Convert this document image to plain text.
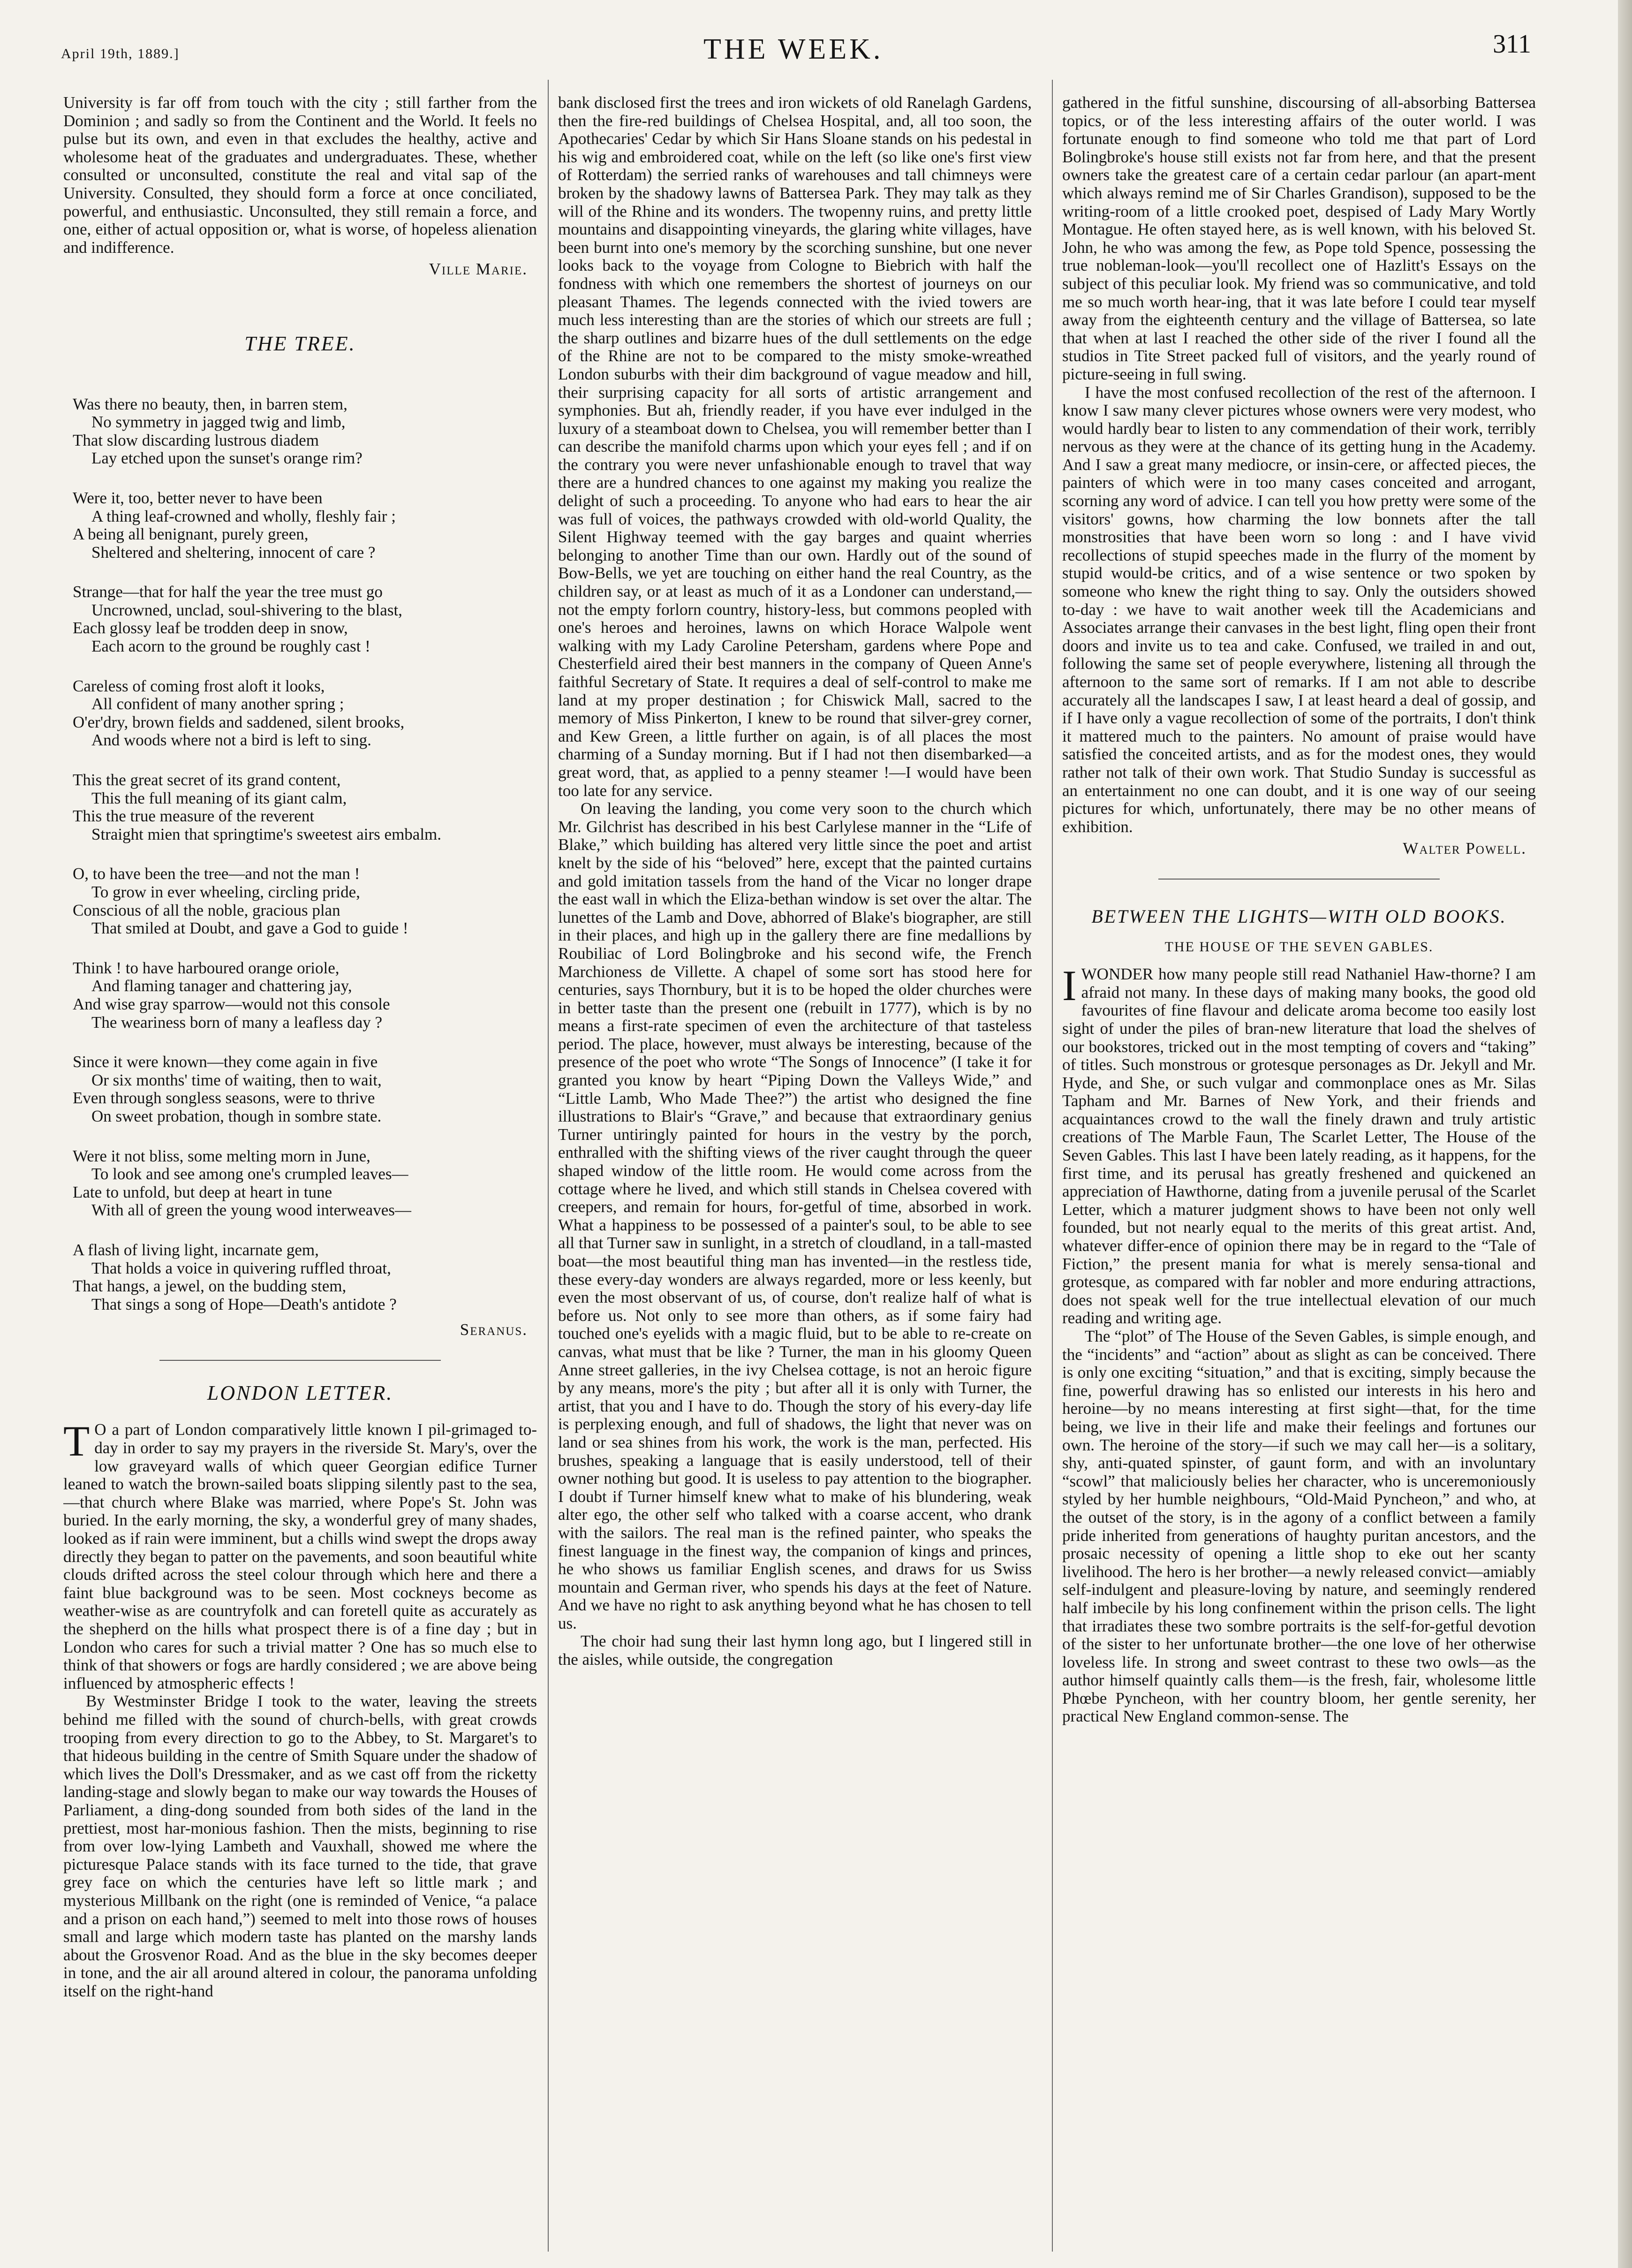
April 19th, 1889.]	THE WEEK.	311

University is far off from touch with the city ; still farther from the Dominion ; and sadly so from the Continent and the World. It feels no pulse but its own, and even in that excludes the healthy, active and wholesome heat of the graduates and undergraduates. These, whether consulted or unconsulted, constitute the real and vital sap of the University. Consulted, they should form a force at once conciliated, powerful, and enthusiastic. Unconsulted, they still remain a force, and one, either of actual opposition or, what is worse, of hopeless alienation and indifference.

Ville Marie.
THE TREE.
Was there no beauty, then, in barren stem,
No symmetry in jagged twig and limb,
That slow discarding lustrous diadem
Lay etched upon the sunset's orange rim?
Were it, too, better never to have been
A thing leaf-crowned and wholly, fleshly fair ;
A being all benignant, purely green,
Sheltered and sheltering, innocent of care ?
Strange—that for half the year the tree must go
Uncrowned, unclad, soul-shivering to the blast,
Each glossy leaf be trodden deep in snow,
Each acorn to the ground be roughly cast !
Careless of coming frost aloft it looks,
All confident of many another spring ;
O'er'dry, brown fields and saddened, silent brooks,
And woods where not a bird is left to sing.
This the great secret of its grand content,
This the full meaning of its giant calm,
This the true measure of the reverent
Straight mien that springtime's sweetest airs embalm.
O, to have been the tree—and not the man !
To grow in ever wheeling, circling pride,
Conscious of all the noble, gracious plan
That smiled at Doubt, and gave a God to guide !
Think ! to have harboured orange oriole,
And flaming tanager and chattering jay,
And wise gray sparrow—would not this console
The weariness born of many a leafless day ?
Since it were known—they come again in five
Or six months' time of waiting, then to wait,
Even through songless seasons, were to thrive
On sweet probation, though in sombre state.
Were it not bliss, some melting morn in June,
To look and see among one's crumpled leaves—
Late to unfold, but deep at heart in tune
With all of green the young wood interweaves—
A flash of living light, incarnate gem,
That holds a voice in quivering ruffled throat,
That hangs, a jewel, on the budding stem,
That sings a song of Hope—Death's antidote ?
Seranus.
LONDON LETTER.

T O a part of London comparatively little known I pil-grimaged to-day in order to say my prayers in the riverside St. Mary's, over the low graveyard walls of which queer Georgian edifice Turner leaned to watch the brown-sailed boats slipping silently past to the sea,—that church where Blake was married, where Pope's St. John was buried. In the early morning, the sky, a wonderful grey of many shades, looked as if rain were imminent, but a chills wind swept the drops away directly they began to patter on the pavements, and soon beautiful white clouds drifted across the steel colour through which here and there a faint blue background was to be seen. Most cockneys become as weather-wise as are countryfolk and can foretell quite as accurately as the shepherd on the hills what prospect there is of a fine day ; but in London who cares for such a trivial matter ? One has so much else to think of that showers or fogs are hardly considered ; we are above being influenced by atmospheric effects !

By Westminster Bridge I took to the water, leaving the streets behind me filled with the sound of church-bells, with great crowds trooping from every direction to go to the Abbey, to St. Margaret's to that hideous building in the centre of Smith Square under the shadow of which lives the Doll's Dressmaker, and as we cast off from the ricketty landing-stage and slowly began to make our way towards the Houses of Parliament, a ding-dong sounded from both sides of the land in the prettiest, most har-monious fashion. Then the mists, beginning to rise from over low-lying Lambeth and Vauxhall, showed me where the picturesque Palace stands with its face turned to the tide, that grave grey face on which the centuries have left so little mark ; and mysterious Millbank on the right (one is reminded of Venice, “a palace and a prison on each hand,”) seemed to melt into those rows of houses small and large which modern taste has planted on the marshy lands about the Grosvenor Road. And as the blue in the sky becomes deeper in tone, and the air all around altered in colour, the panorama unfolding itself on the right-hand

bank disclosed first the trees and iron wickets of old Ranelagh Gardens, then the fire-red buildings of Chelsea Hospital, and, all too soon, the Apothecaries' Cedar by which Sir Hans Sloane stands on his pedestal in his wig and embroidered coat, while on the left (so like one's first view of Rotterdam) the serried ranks of warehouses and tall chimneys were broken by the shadowy lawns of Battersea Park. They may talk as they will of the Rhine and its wonders. The twopenny ruins, and pretty little mountains and disappointing vineyards, the glaring white villages, have been burnt into one's memory by the scorching sunshine, but one never looks back to the voyage from Cologne to Biebrich with half the fondness with which one remembers the shortest of journeys on our pleasant Thames. The legends connected with the ivied towers are much less interesting than are the stories of which our streets are full ; the sharp outlines and bizarre hues of the dull settlements on the edge of the Rhine are not to be compared to the misty smoke-wreathed London suburbs with their dim background of vague meadow and hill, their surprising capacity for all sorts of artistic arrangement and symphonies. But ah, friendly reader, if you have ever indulged in the luxury of a steamboat down to Chelsea, you will remember better than I can describe the manifold charms upon which your eyes fell ; and if on the contrary you were never unfashionable enough to travel that way there are a hundred chances to one against my making you realize the delight of such a proceeding. To anyone who had ears to hear the air was full of voices, the pathways crowded with old-world Quality, the Silent Highway teemed with the gay barges and quaint wherries belonging to another Time than our own. Hardly out of the sound of Bow-Bells, we yet are touching on either hand the real Country, as the children say, or at least as much of it as a Londoner can understand,—not the empty forlorn country, history-less, but commons peopled with one's heroes and heroines, lawns on which Horace Walpole went walking with my Lady Caroline Petersham, gardens where Pope and Chesterfield aired their best manners in the company of Queen Anne's faithful Secretary of State. It requires a deal of self-control to make me land at my proper destination ; for Chiswick Mall, sacred to the memory of Miss Pinkerton, I knew to be round that silver-grey corner, and Kew Green, a little further on again, is of all places the most charming of a Sunday morning. But if I had not then disembarked—a great word, that, as applied to a penny steamer !—I would have been too late for any service.

On leaving the landing, you come very soon to the church which Mr. Gilchrist has described in his best Carlylese manner in the “Life of Blake,” which building has altered very little since the poet and artist knelt by the side of his “beloved” here, except that the painted curtains and gold imitation tassels from the hand of the Vicar no longer drape the east wall in which the Eliza-bethan window is set over the altar. The lunettes of the Lamb and Dove, abhorred of Blake's biographer, are still in their places, and high up in the gallery there are fine medallions by Roubiliac of Lord Bolingbroke and his second wife, the French Marchioness de Villette. A chapel of some sort has stood here for centuries, says Thornbury, but it is to be hoped the older churches were in better taste than the present one (rebuilt in 1777), which is by no means a first-rate specimen of even the architecture of that tasteless period. The place, however, must always be interesting, because of the presence of the poet who wrote “The Songs of Innocence” (I take it for granted you know by heart “Piping Down the Valleys Wide,” and “Little Lamb, Who Made Thee?”) the artist who designed the fine illustrations to Blair's “Grave,” and because that extraordinary genius Turner untiringly painted for hours in the vestry by the porch, enthralled with the shifting views of the river caught through the queer shaped window of the little room. He would come across from the cottage where he lived, and which still stands in Chelsea covered with creepers, and remain for hours, for-getful of time, absorbed in work. What a happiness to be possessed of a painter's soul, to be able to see all that Turner saw in sunlight, in a stretch of cloudland, in a tall-masted boat—the most beautiful thing man has invented—in the restless tide, these every-day wonders are always regarded, more or less keenly, but even the most observant of us, of course, don't realize half of what is before us. Not only to see more than others, as if some fairy had touched one's eyelids with a magic fluid, but to be able to re-create on canvas, what must that be like ? Turner, the man in his gloomy Queen Anne street galleries, in the ivy Chelsea cottage, is not an heroic figure by any means, more's the pity ; but after all it is only with Turner, the artist, that you and I have to do. Though the story of his every-day life is perplexing enough, and full of shadows, the light that never was on land or sea shines from his work, the work is the man, perfected. His brushes, speaking a language that is easily understood, tell of their owner nothing but good. It is useless to pay attention to the biographer. I doubt if Turner himself knew what to make of his blundering, weak alter ego, the other self who talked with a coarse accent, who drank with the sailors. The real man is the refined painter, who speaks the finest language in the finest way, the companion of kings and princes, he who shows us familiar English scenes, and draws for us Swiss mountain and German river, who spends his days at the feet of Nature. And we have no right to ask anything beyond what he has chosen to tell us.

The choir had sung their last hymn long ago, but I lingered still in the aisles, while outside, the congregation

gathered in the fitful sunshine, discoursing of all-absorbing Battersea topics, or of the less interesting affairs of the outer world. I was fortunate enough to find someone who told me that part of Lord Bolingbroke's house still exists not far from here, and that the present owners take the greatest care of a certain cedar parlour (an apart-ment which always remind me of Sir Charles Grandison), supposed to be the writing-room of a little crooked poet, despised of Lady Mary Wortly Montague. He often stayed here, as is well known, with his beloved St. John, he who was among the few, as Pope told Spence, possessing the true nobleman-look—you'll recollect one of Hazlitt's Essays on the subject of this peculiar look. My friend was so communicative, and told me so much worth hear-ing, that it was late before I could tear myself away from the eighteenth century and the village of Battersea, so late that when at last I reached the other side of the river I found all the studios in Tite Street packed full of visitors, and the yearly round of picture-seeing in full swing.

I have the most confused recollection of the rest of the afternoon. I know I saw many clever pictures whose owners were very modest, who would hardly bear to listen to any commendation of their work, terribly nervous as they were at the chance of its getting hung in the Academy. And I saw a great many mediocre, or insin-cere, or affected pieces, the painters of which were in too many cases conceited and arrogant, scorning any word of advice. I can tell you how pretty were some of the visitors' gowns, how charming the low bonnets after the tall monstrosities that have been worn so long : and I have vivid recollections of stupid speeches made in the flurry of the moment by stupid would-be critics, and of a wise sentence or two spoken by someone who knew the right thing to say. Only the outsiders showed to-day : we have to wait another week till the Academicians and Associates arrange their canvases in the best light, fling open their front doors and invite us to tea and cake. Confused, we trailed in and out, following the same set of people everywhere, listening all through the afternoon to the same sort of remarks. If I am not able to describe accurately all the landscapes I saw, I at least heard a deal of gossip, and if I have only a vague recollection of some of the portraits, I don't think it mattered much to the painters. No amount of praise would have satisfied the conceited artists, and as for the modest ones, they would rather not talk of their own work. That Studio Sunday is successful as an entertainment no one can doubt, and it is one way of our seeing pictures for which, unfortunately, there may be no other means of exhibition.

Walter Powell.
BETWEEN THE LIGHTS—WITH OLD BOOKS.
THE HOUSE OF THE SEVEN GABLES.

IWONDER how many people still read Nathaniel Haw-thorne? I am afraid not many. In these days of making many books, the good old favourites of fine flavour and delicate aroma become too easily lost sight of under the piles of bran-new literature that load the shelves of our bookstores, tricked out in the most tempting of covers and “taking” of titles. Such monstrous or grotesque personages as Dr. Jekyll and Mr. Hyde, and She, or such vulgar and commonplace ones as Mr. Silas Tapham and Mr. Barnes of New York, and their friends and acquaintances crowd to the wall the finely drawn and truly artistic creations of The Marble Faun, The Scarlet Letter, The House of the Seven Gables. This last I have been lately reading, as it happens, for the first time, and its perusal has greatly freshened and quickened an appreciation of Hawthorne, dating from a juvenile perusal of the Scarlet Letter, which a maturer judgment shows to have been not only well founded, but not nearly equal to the merits of this great artist. And, whatever differ-ence of opinion there may be in regard to the “Tale of Fiction,” the present mania for what is merely sensa-tional and grotesque, as compared with far nobler and more enduring attractions, does not speak well for the true intellectual elevation of our much reading and writing age.

The “plot” of The House of the Seven Gables, is simple enough, and the “incidents” and “action” about as slight as can be conceived. There is only one exciting “situation,” and that is exciting, simply because the fine, powerful drawing has so enlisted our interests in his hero and heroine—by no means interesting at first sight—that, for the time being, we live in their life and make their feelings and fortunes our own. The heroine of the story—if such we may call her—is a solitary, shy, anti-quated spinster, of gaunt form, and with an involuntary “scowl” that maliciously belies her character, who is unceremoniously styled by her humble neighbours, “Old-Maid Pyncheon,” and who, at the outset of the story, is in the agony of a conflict between a family pride inherited from generations of haughty puritan ancestors, and the prosaic necessity of opening a little shop to eke out her scanty livelihood. The hero is her brother—a newly released convict—amiably self-indulgent and pleasure-loving by nature, and seemingly rendered half imbecile by his long confinement within the prison cells. The light that irradiates these two sombre portraits is the self-for-getful devotion of the sister to her unfortunate brother—the one love of her otherwise loveless life. In strong and sweet contrast to these two owls—as the author himself quaintly calls them—is the fresh, fair, wholesome little Phœbe Pyncheon, with her country bloom, her gentle serenity, her practical New England common-sense. The
